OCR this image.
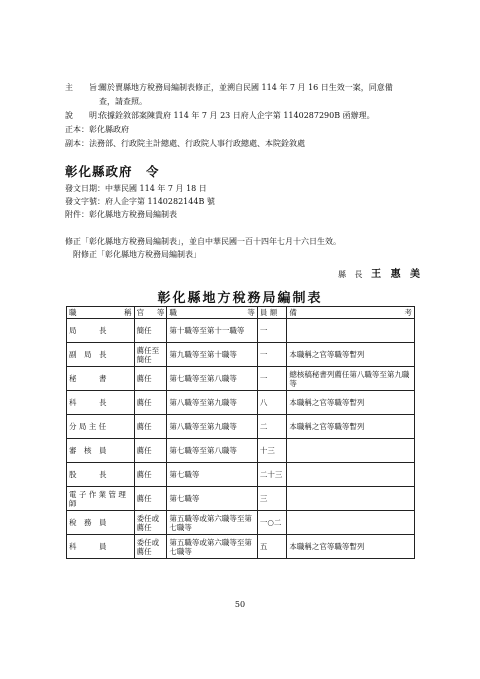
主　　旨：關於賣縣地方稅務局編制表修正，並溯自民國 114 年 7 月 16 日生效一案，同意備
查，請查照。
說　　明：依據銓敘部案陳貴府 114 年 7 月 23 日府人企字第 1140287290B 函辦理。
正本：彰化縣政府
副本：法務部、行政院主計總處、行政院人事行政總處、本院銓敘處
彰化縣政府　令
發文日期：中華民國 114 年 7 月 18 日
發文字號：府人企字第 1140282144B 號
附件：彰化縣地方稅務局編制表
修正「彰化縣地方稅務局編制表」，並自中華民國一百十四年七月十六日生效。
附修正「彰化縣地方稅務局編制表」
縣 長 王 惠 美
彰化縣地方稅務局編制表
職 稱	官 等	職 等	員 額	備 考

局　　　長	簡任	第十職等至第十一職等	一	
副　局　長	薦任至簡任	第九職等至第十職等	一	本職稱之官等職等暫列
秘　　　書	薦任	第七職等至第八職等	一	總核稿秘書列薦任第八職等至第九職等
科　　　長	薦任	第八職等至第九職等	八	本職稱之官等職等暫列
分 局 主 任	薦任	第八職等至第九職等	二	本職稱之官等職等暫列
審　核　員	薦任	第七職等至第八職等	十三	
股　　　長	薦任	第七職等	二十三	
電 子 作 業 管 理 師	薦任	第七職等	三	
稅　務　員	委任或薦任	第五職等或第六職等至第七職等	一○二	
科　　　員	委任或薦任	第五職等或第六職等至第七職等	五	本職稱之官等職等暫列
50
